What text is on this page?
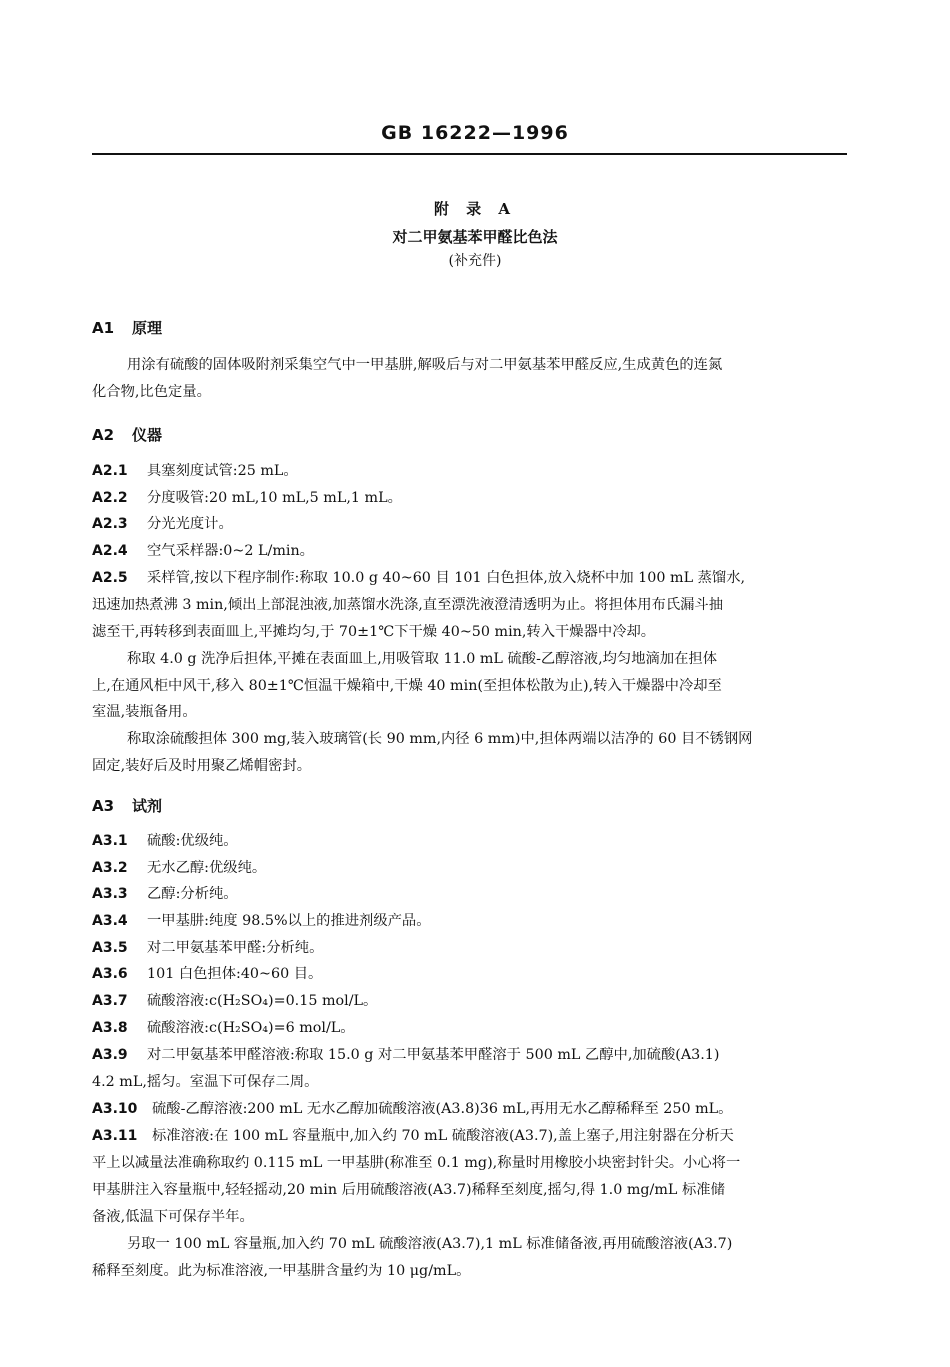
GB 16222—1996
附 录 A
对二甲氨基苯甲醛比色法
(补充件)
A1 原理
用涂有硫酸的固体吸附剂采集空气中一甲基肼,解吸后与对二甲氨基苯甲醛反应,生成黄色的连氮
化合物,比色定量。
A2 仪器
A2.1 具塞刻度试管:25 mL。
A2.2 分度吸管:20 mL,10 mL,5 mL,1 mL。
A2.3 分光光度计。
A2.4 空气采样器:0~2 L/min。
A2.5 采样管,按以下程序制作:称取 10.0 g 40~60 目 101 白色担体,放入烧杯中加 100 mL 蒸馏水,
迅速加热煮沸 3 min,倾出上部混浊液,加蒸馏水洗涤,直至漂洗液澄清透明为止。将担体用布氏漏斗抽
滤至干,再转移到表面皿上,平摊均匀,于 70±1℃下干燥 40~50 min,转入干燥器中冷却。
称取 4.0 g 洗净后担体,平摊在表面皿上,用吸管取 11.0 mL 硫酸-乙醇溶液,均匀地滴加在担体
上,在通风柜中风干,移入 80±1℃恒温干燥箱中,干燥 40 min(至担体松散为止),转入干燥器中冷却至
室温,装瓶备用。
称取涂硫酸担体 300 mg,装入玻璃管(长 90 mm,内径 6 mm)中,担体两端以洁净的 60 目不锈钢网
固定,装好后及时用聚乙烯帽密封。
A3 试剂
A3.1 硫酸:优级纯。
A3.2 无水乙醇:优级纯。
A3.3 乙醇:分析纯。
A3.4 一甲基肼:纯度 98.5%以上的推进剂级产品。
A3.5 对二甲氨基苯甲醛:分析纯。
A3.6 101 白色担体:40~60 目。
A3.7 硫酸溶液:c(H₂SO₄)=0.15 mol/L。
A3.8 硫酸溶液:c(H₂SO₄)=6 mol/L。
A3.9 对二甲氨基苯甲醛溶液:称取 15.0 g 对二甲氨基苯甲醛溶于 500 mL 乙醇中,加硫酸(A3.1)
4.2 mL,摇匀。室温下可保存二周。
A3.10 硫酸-乙醇溶液:200 mL 无水乙醇加硫酸溶液(A3.8)36 mL,再用无水乙醇稀释至 250 mL。
A3.11 标准溶液:在 100 mL 容量瓶中,加入约 70 mL 硫酸溶液(A3.7),盖上塞子,用注射器在分析天
平上以减量法准确称取约 0.115 mL 一甲基肼(称准至 0.1 mg),称量时用橡胶小块密封针尖。小心将一
甲基肼注入容量瓶中,轻轻摇动,20 min 后用硫酸溶液(A3.7)稀释至刻度,摇匀,得 1.0 mg/mL 标准储
备液,低温下可保存半年。
另取一 100 mL 容量瓶,加入约 70 mL 硫酸溶液(A3.7),1 mL 标准储备液,再用硫酸溶液(A3.7)
稀释至刻度。此为标准溶液,一甲基肼含量约为 10 μg/mL。
